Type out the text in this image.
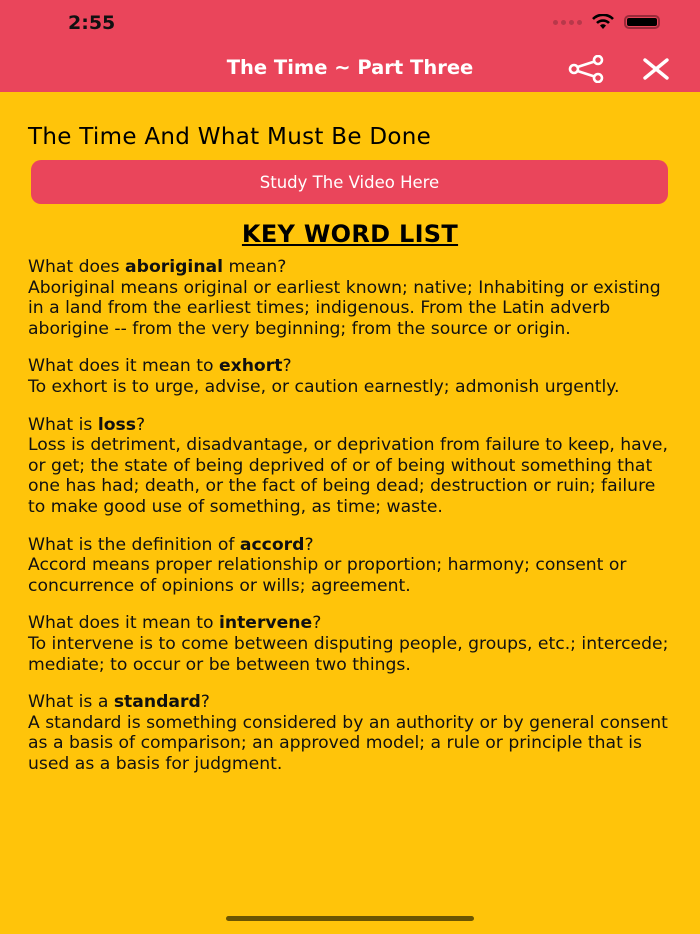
2:55
The Time ~ Part Three
The Time And What Must Be Done
Study The Video Here
KEY WORD LIST

What does aboriginal mean?

Aboriginal means original or earliest known; native; Inhabiting or existing in a land from the earliest times; indigenous. From the Latin adverb aborigine -- from the very beginning; from the source or origin.

What does it mean to exhort?

To exhort is to urge, advise, or caution earnestly; admonish urgently.

What is loss?

Loss is detriment, disadvantage, or deprivation from failure to keep, have, or get; the state of being deprived of or of being without something that one has had; death, or the fact of being dead; destruction or ruin; failure to make good use of something, as time; waste.

What is the definition of accord?

Accord means proper relationship or proportion; harmony; consent or concurrence of opinions or wills; agreement.

What does it mean to intervene?

To intervene is to come between disputing people, groups, etc.; intercede; mediate; to occur or be between two things.

What is a standard?

A standard is something considered by an authority or by general consent as a basis of comparison; an approved model; a rule or principle that is used as a basis for judgment.
